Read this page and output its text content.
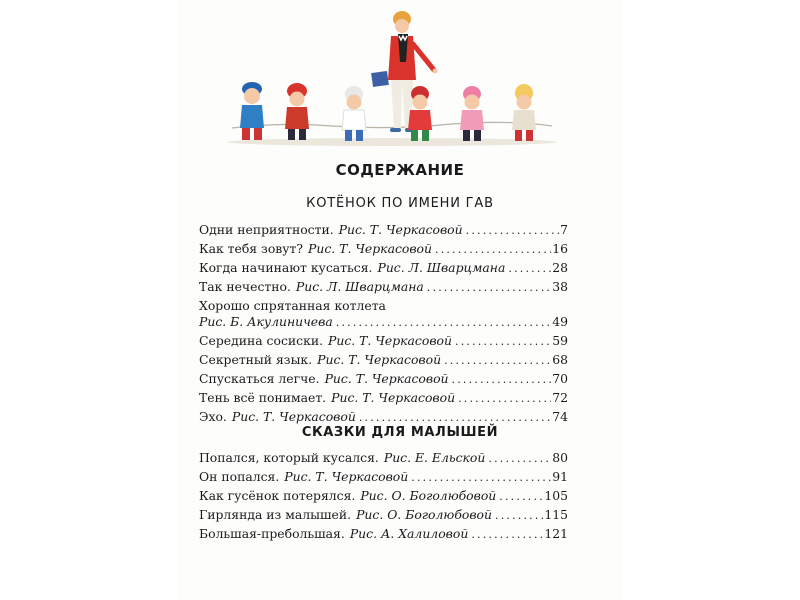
СОДЕРЖАНИЕ
КОТЁНОК ПО ИМЕНИ ГАВ
Одни неприятности. Рис. Т. Черкасовой .....	7
Как тебя зовут? Рис. Т. Черкасовой .....	16
Когда начинают кусаться. Рис. Л. Шварцмана .....	28
Так нечестно. Рис. Л. Шварцмана .....	38
Хорошо спрятанная котлета
Рис. Б. Акулиничева .....	49
Середина сосиски. Рис. Т. Черкасовой .....	59
Секретный язык. Рис. Т. Черкасовой .....	68
Спускаться легче. Рис. Т. Черкасовой .....	70
Тень всё понимает. Рис. Т. Черкасовой .....	72
Эхо. Рис. Т. Черкасовой .....	74
СКАЗКИ ДЛЯ МАЛЫШЕЙ
Попался, который кусался. Рис. Е. Ельской .....	80
Он попался. Рис. Т. Черкасовой .....	91
Как гусёнок потерялся. Рис. О. Боголюбовой .....	105
Гирлянда из малышей. Рис. О. Боголюбовой .....	115
Большая-пребольшая. Рис. А. Халиловой .....	121
